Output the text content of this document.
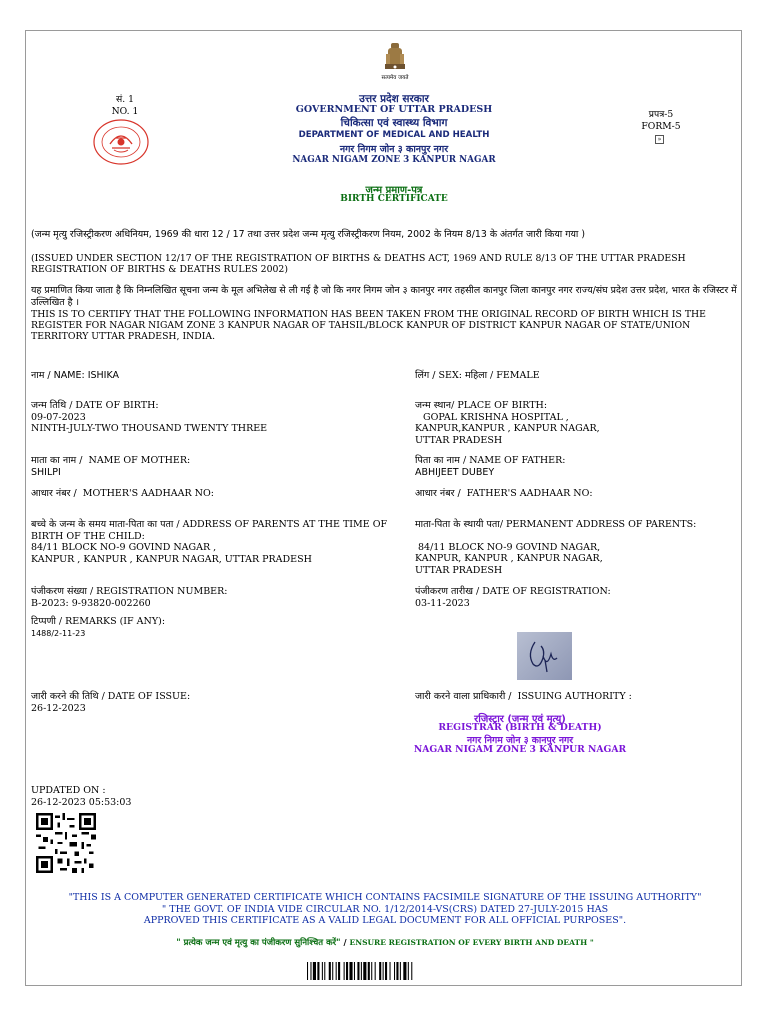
सत्यमेव जयते
सं. 1
NO. 1	प्रपत्र-5
FORM-5
»
उत्तर प्रदेश सरकार
GOVERNMENT OF UTTAR PRADESH
चिकित्सा एवं स्वास्थ्य विभाग
DEPARTMENT OF MEDICAL AND HEALTH
नगर निगम जोन ३ कानपुर नगर
NAGAR NIGAM ZONE 3 KANPUR NAGAR
जन्म प्रमाण-पत्र
BIRTH CERTIFICATE
(जन्म मृत्यु रजिस्ट्रीकरण अधिनियम, 1969 की धारा 12 / 17 तथा उत्तर प्रदेश जन्म मृत्यु रजिस्ट्रीकरण नियम, 2002 के नियम 8/13 के अंतर्गत जारी किया गया )
(ISSUED UNDER SECTION 12/17 OF THE REGISTRATION OF BIRTHS & DEATHS ACT, 1969 AND RULE 8/13 OF THE UTTAR PRADESH REGISTRATION OF BIRTHS & DEATHS RULES 2002)
यह प्रमाणित किया जाता है कि निम्नलिखित सूचना जन्म के मूल अभिलेख से ली गई है जो कि नगर निगम जोन ३ कानपुर नगर तहसील कानपुर जिला कानपुर नगर राज्य/संघ प्रदेश उत्तर प्रदेश, भारत के रजिस्टर में उल्लिखित है ।
THIS IS TO CERTIFY THAT THE FOLLOWING INFORMATION HAS BEEN TAKEN FROM THE ORIGINAL RECORD OF BIRTH WHICH IS THE REGISTER FOR NAGAR NIGAM ZONE 3 KANPUR NAGAR OF TAHSIL/BLOCK KANPUR OF DISTRICT KANPUR NAGAR OF STATE/UNION TERRITORY UTTAR PRADESH, INDIA.
नाम / NAME: ISHIKA	लिंग / SEX: महिला / FEMALE
जन्म तिथि / DATE OF BIRTH:
09-07-2023
NINTH-JULY-TWO THOUSAND TWENTY THREE
जन्म स्थान/ PLACE OF BIRTH:
GOPAL KRISHNA HOSPITAL ,
KANPUR,KANPUR , KANPUR NAGAR,
UTTAR PRADESH
माता का नाम / NAME OF MOTHER:
SHILPI
पिता का नाम / NAME OF FATHER:
ABHIJEET DUBEY
आधार नंबर / MOTHER'S AADHAAR NO:	आधार नंबर / FATHER'S AADHAAR NO:
बच्चे के जन्म के समय माता-पिता का पता / ADDRESS OF PARENTS AT THE TIME OF BIRTH OF THE CHILD:
84/11 BLOCK NO-9 GOVIND NAGAR ,
KANPUR , KANPUR , KANPUR NAGAR, UTTAR PRADESH
माता-पिता के स्थायी पता/ PERMANENT ADDRESS OF PARENTS:
84/11 BLOCK NO-9 GOVIND NAGAR,
KANPUR, KANPUR , KANPUR NAGAR,
UTTAR PRADESH
पंजीकरण संख्या / REGISTRATION NUMBER:
B-2023: 9-93820-002260
पंजीकरण तारीख / DATE OF REGISTRATION:
03-11-2023
टिप्पणी / REMARKS (IF ANY):
1488/2-11-23
जारी करने की तिथि / DATE OF ISSUE:
26-12-2023
जारी करने वाला प्राधिकारी / ISSUING AUTHORITY :
रजिस्ट्रार (जन्म एवं मृत्यु)
REGISTRAR (BIRTH & DEATH)
नगर निगम जोन ३ कानपुर नगर
NAGAR NIGAM ZONE 3 KANPUR NAGAR
UPDATED ON :
26-12-2023 05:53:03
"THIS IS A COMPUTER GENERATED CERTIFICATE WHICH CONTAINS FACSIMILE SIGNATURE OF THE ISSUING AUTHORITY"
" THE GOVT. OF INDIA VIDE CIRCULAR NO. 1/12/2014-VS(CRS) DATED 27-JULY-2015 HAS
APPROVED THIS CERTIFICATE AS A VALID LEGAL DOCUMENT FOR ALL OFFICIAL PURPOSES".
" प्रत्येक जन्म एवं मृत्यु का पंजीकरण सुनिश्चित करें" / ENSURE REGISTRATION OF EVERY BIRTH AND DEATH "
